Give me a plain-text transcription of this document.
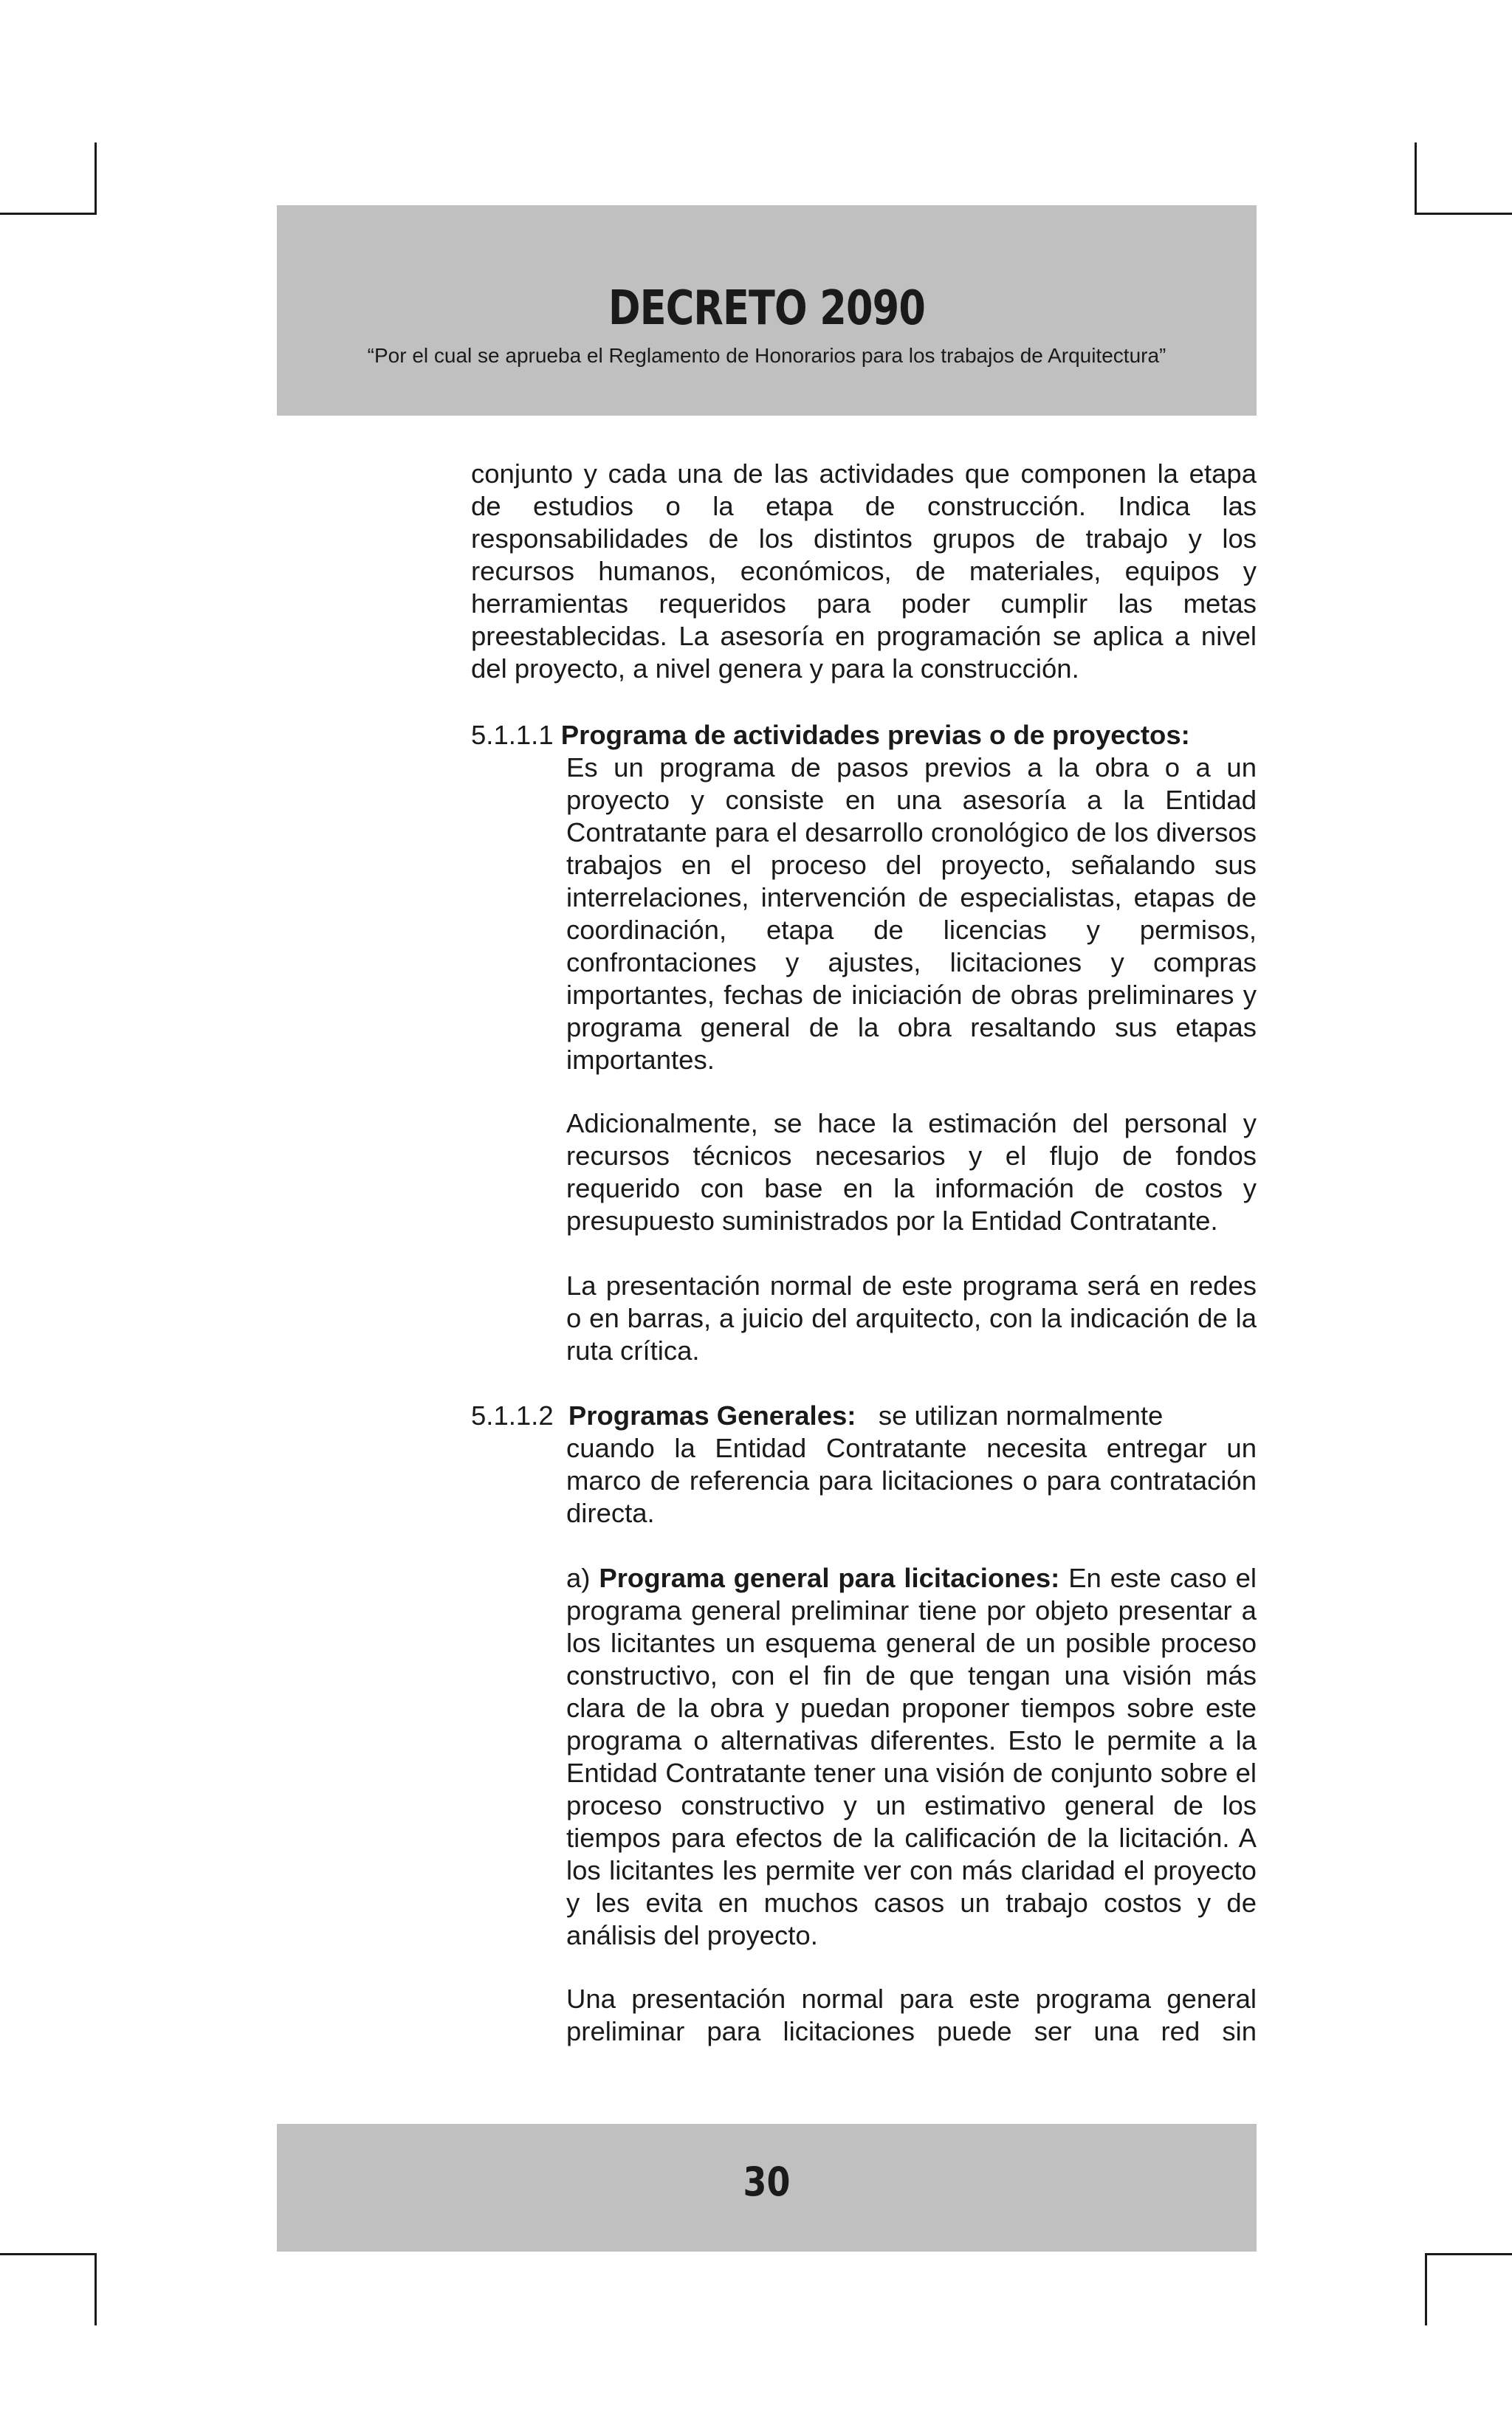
DECRETO 2090
“Por el cual se aprueba el Reglamento de Honorarios para los trabajos de Arquitectura”
conjunto y cada una de las actividades que componen la etapa de estudios o la etapa de construcción. Indica las responsabilidades de los distintos grupos de trabajo y los recursos humanos, económicos, de materiales, equipos y herramientas requeridos para poder cumplir las metas preestablecidas. La asesoría en programación se aplica a nivel del proyecto, a nivel genera y para la construcción.
5.1.1.1 Programa de actividades previas o de proyectos:
Es un programa de pasos previos a la obra o a un proyecto y consiste en una asesoría a la Entidad Contratante para el desarrollo cronológico de los diversos trabajos en el proceso del proyecto, señalando sus interrelaciones, intervención de especialistas, etapas de coordinación, etapa de licencias y permisos, confrontaciones y ajustes, licitaciones y compras importantes, fechas de iniciación de obras preliminares y programa general de la obra resaltando sus etapas importantes.
Adicionalmente, se hace la estimación del personal y recursos técnicos necesarios y el flujo de fondos requerido con base en la información de costos y presupuesto suministrados por la Entidad Contratante.
La presentación normal de este programa será en redes o en barras, a juicio del arquitecto, con la indicación de la ruta crítica.
5.1.1.2 Programas Generales: se utilizan normalmente
cuando la Entidad Contratante necesita entregar un marco de referencia para licitaciones o para contratación directa.
a) Programa general para licitaciones: En este caso el programa general preliminar tiene por objeto presentar a los licitantes un esquema general de un posible proceso constructivo, con el fin de que tengan una visión más clara de la obra y puedan proponer tiempos sobre este programa o alternativas diferentes. Esto le permite a la Entidad Contratante tener una visión de conjunto sobre el proceso constructivo y un estimativo general de los tiempos para efectos de la calificación de la licitación. A los licitantes les permite ver con más claridad el proyecto y les evita en muchos casos un trabajo costos y de análisis del proyecto.
Una presentación normal para este programa general preliminar para licitaciones puede ser una red sin
30
